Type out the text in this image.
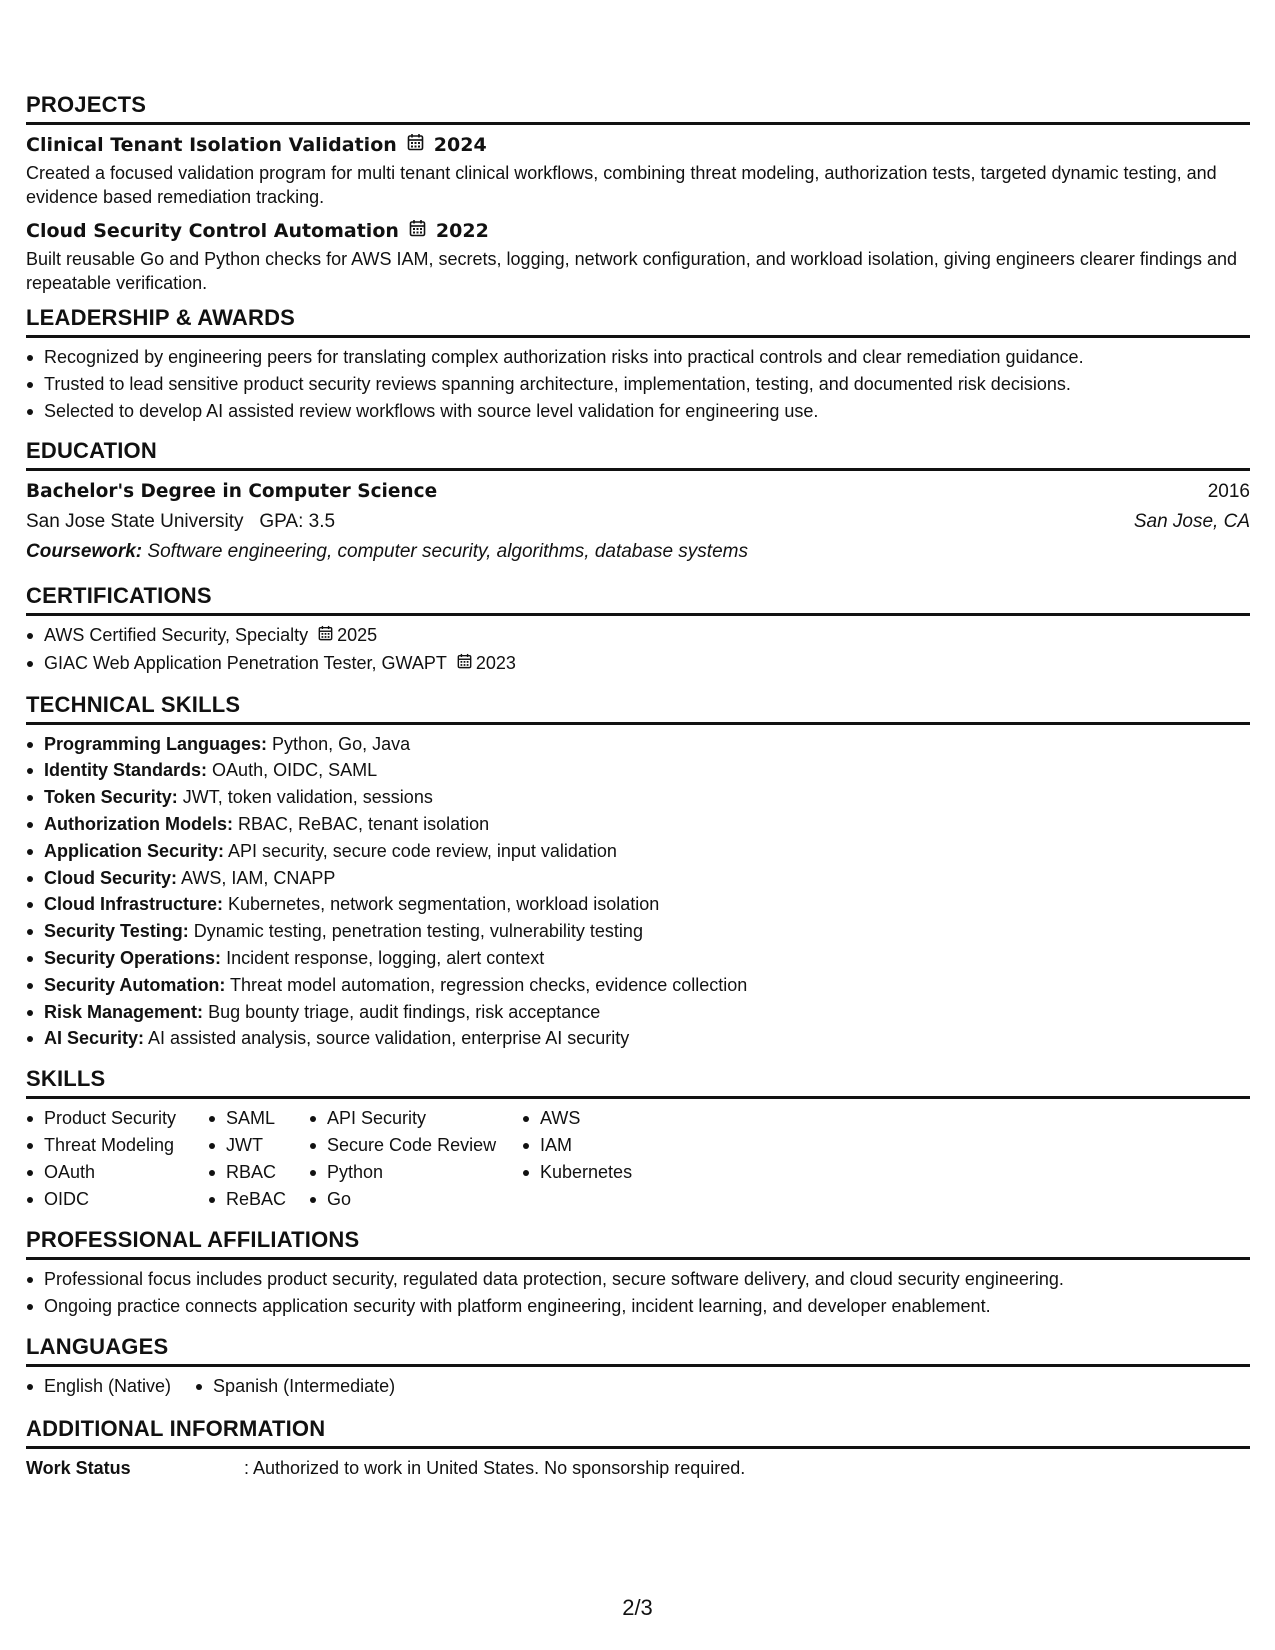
PROJECTS
Clinical Tenant Isolation Validation 2024
Created a focused validation program for multi tenant clinical workflows, combining threat modeling, authorization tests, targeted dynamic testing, and evidence based remediation tracking.
Cloud Security Control Automation 2022
Built reusable Go and Python checks for AWS IAM, secrets, logging, network configuration, and workload isolation, giving engineers clearer findings and repeatable verification.
LEADERSHIP & AWARDS
Recognized by engineering peers for translating complex authorization risks into practical controls and clear remediation guidance.
Trusted to lead sensitive product security reviews spanning architecture, implementation, testing, and documented risk decisions.
Selected to develop AI assisted review workflows with source level validation for engineering use.
EDUCATION
Bachelor's Degree in Computer Science	2016
San Jose State University GPA: 3.5	San Jose, CA
Coursework: Software engineering, computer security, algorithms, database systems
CERTIFICATIONS
AWS Certified Security, Specialty 2025
GIAC Web Application Penetration Tester, GWAPT 2023
TECHNICAL SKILLS
Programming Languages: Python, Go, Java
Identity Standards: OAuth, OIDC, SAML
Token Security: JWT, token validation, sessions
Authorization Models: RBAC, ReBAC, tenant isolation
Application Security: API security, secure code review, input validation
Cloud Security: AWS, IAM, CNAPP
Cloud Infrastructure: Kubernetes, network segmentation, workload isolation
Security Testing: Dynamic testing, penetration testing, vulnerability testing
Security Operations: Incident response, logging, alert context
Security Automation: Threat model automation, regression checks, evidence collection
Risk Management: Bug bounty triage, audit findings, risk acceptance
AI Security: AI assisted analysis, source validation, enterprise AI security
SKILLS
Product Security
Threat Modeling
OAuth
OIDC
SAML
JWT
RBAC
ReBAC
API Security
Secure Code Review
Python
Go
AWS
IAM
Kubernetes
PROFESSIONAL AFFILIATIONS
Professional focus includes product security, regulated data protection, secure software delivery, and cloud security engineering.
Ongoing practice connects application security with platform engineering, incident learning, and developer enablement.
LANGUAGES
English (Native) Spanish (Intermediate)
ADDITIONAL INFORMATION
Work Status	: Authorized to work in United States. No sponsorship required.
2/3
